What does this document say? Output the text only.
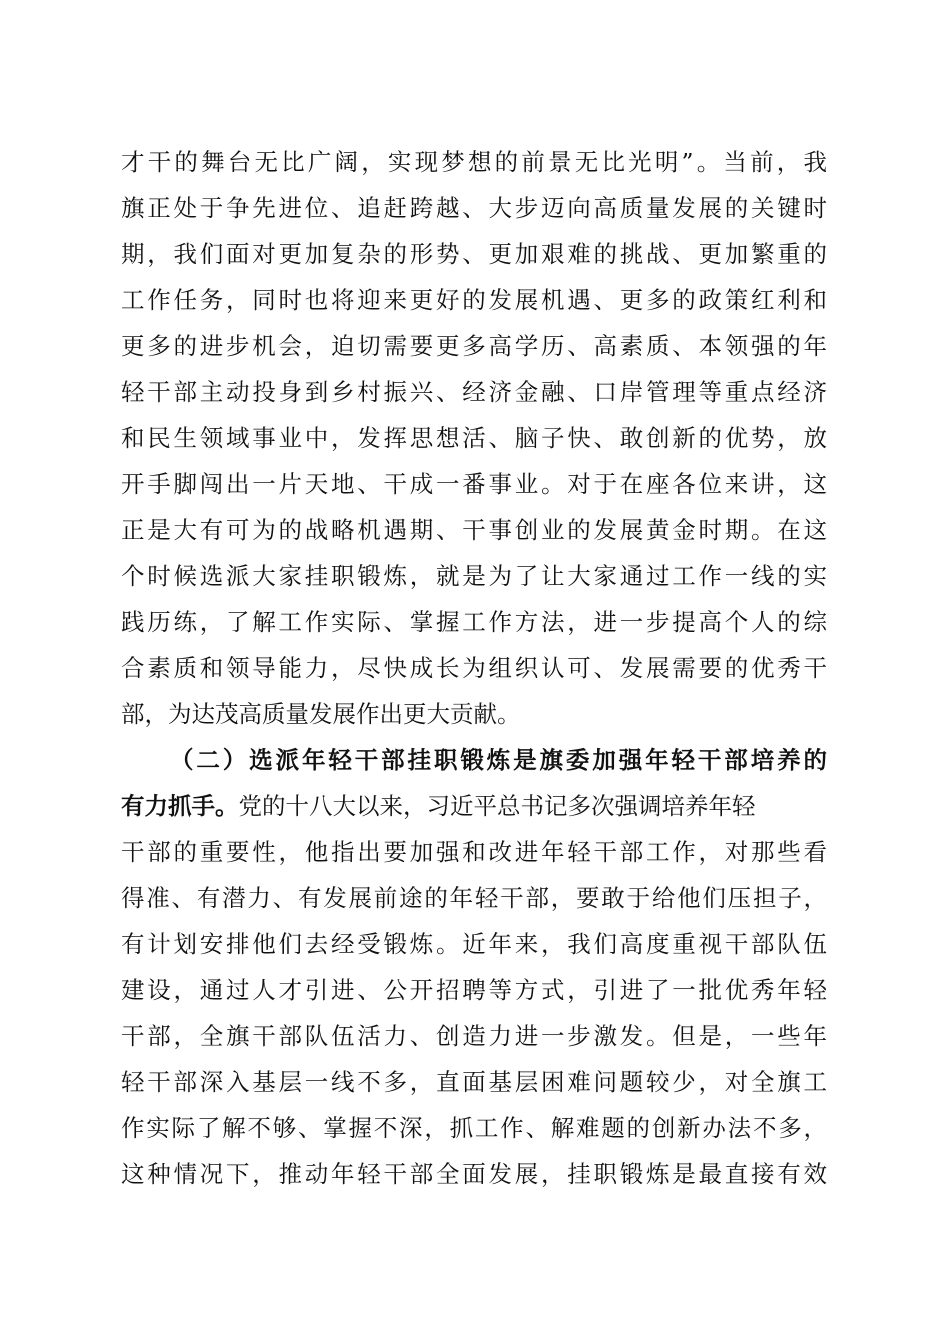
才干的舞台无比广阔，实现梦想的前景无比光明”。当前，我
旗正处于争先进位、追赶跨越、大步迈向高质量发展的关键时
期，我们面对更加复杂的形势、更加艰难的挑战、更加繁重的
工作任务，同时也将迎来更好的发展机遇、更多的政策红利和
更多的进步机会，迫切需要更多高学历、高素质、本领强的年
轻干部主动投身到乡村振兴、经济金融、口岸管理等重点经济
和民生领域事业中，发挥思想活、脑子快、敢创新的优势，放
开手脚闯出一片天地、干成一番事业。对于在座各位来讲，这
正是大有可为的战略机遇期、干事创业的发展黄金时期。在这
个时候选派大家挂职锻炼，就是为了让大家通过工作一线的实
践历练，了解工作实际、掌握工作方法，进一步提高个人的综
合素质和领导能力，尽快成长为组织认可、发展需要的优秀干
部，为达茂高质量发展作出更大贡献。
（二）选派年轻干部挂职锻炼是旗委加强年轻干部培养的
有力抓手。党的十八大以来，习近平总书记多次强调培养年轻
干部的重要性，他指出要加强和改进年轻干部工作，对那些看
得准、有潜力、有发展前途的年轻干部，要敢于给他们压担子，
有计划安排他们去经受锻炼。近年来，我们高度重视干部队伍
建设，通过人才引进、公开招聘等方式，引进了一批优秀年轻
干部，全旗干部队伍活力、创造力进一步激发。但是，一些年
轻干部深入基层一线不多，直面基层困难问题较少，对全旗工
作实际了解不够、掌握不深，抓工作、解难题的创新办法不多，
这种情况下，推动年轻干部全面发展，挂职锻炼是最直接有效
